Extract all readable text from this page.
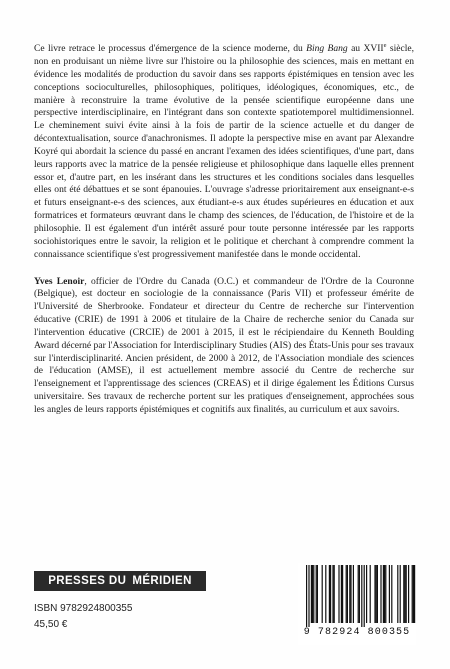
Ce livre retrace le processus d'émergence de la science moderne, du Bing Bang au XVIIe siècle, non en produisant un nième livre sur l'histoire ou la philosophie des sciences, mais en mettant en évidence les modalités de production du savoir dans ses rapports épistémiques en tension avec les conceptions socioculturelles, philosophiques, politiques, idéologiques, économiques, etc., de manière à reconstruire la trame évolutive de la pensée scientifique européenne dans une perspective interdisciplinaire, en l'intégrant dans son contexte spatiotemporel multidimensionnel. Le cheminement suivi évite ainsi à la fois de partir de la science actuelle et du danger de décontextualisation, source d'anachronismes. Il adopte la perspective mise en avant par Alexandre Koyré qui abordait la science du passé en ancrant l'examen des idées scientifiques, d'une part, dans leurs rapports avec la matrice de la pensée religieuse et philosophique dans laquelle elles prennent essor et, d'autre part, en les insérant dans les structures et les conditions sociales dans lesquelles elles ont été débattues et se sont épanouies. L'ouvrage s'adresse prioritairement aux enseignant-e-s et futurs enseignant-e-s des sciences, aux étudiant-e-s aux études supérieures en éducation et aux formatrices et formateurs œuvrant dans le champ des sciences, de l'éducation, de l'histoire et de la philosophie. Il est également d'un intérêt assuré pour toute personne intéressée par les rapports sociohistoriques entre le savoir, la religion et le politique et cherchant à comprendre comment la connaissance scientifique s'est progressivement manifestée dans le monde occidental.

Yves Lenoir, officier de l'Ordre du Canada (O.C.) et commandeur de l'Ordre de la Couronne (Belgique), est docteur en sociologie de la connaissance (Paris VII) et professeur émérite de l'Université de Sherbrooke. Fondateur et directeur du Centre de recherche sur l'intervention éducative (CRIE) de 1991 à 2006 et titulaire de la Chaire de recherche senior du Canada sur l'intervention éducative (CRCIE) de 2001 à 2015, il est le récipiendaire du Kenneth Boulding Award décerné par l'Association for Interdisciplinary Studies (AIS) des États-Unis pour ses travaux sur l'interdisciplinarité. Ancien président, de 2000 à 2012, de l'Association mondiale des sciences de l'éducation (AMSE), il est actuellement membre associé du Centre de recherche sur l'enseignement et l'apprentissage des sciences (CREAS) et il dirige également les Éditions Cursus universitaire. Ses travaux de recherche portent sur les pratiques d'enseignement, approchées sous les angles de leurs rapports épistémiques et cognitifs aux finalités, au curriculum et aux savoirs.

PRESSES DU MÉRIDIEN
ISBN 9782924800355
45,50 €
9 782924 800355
